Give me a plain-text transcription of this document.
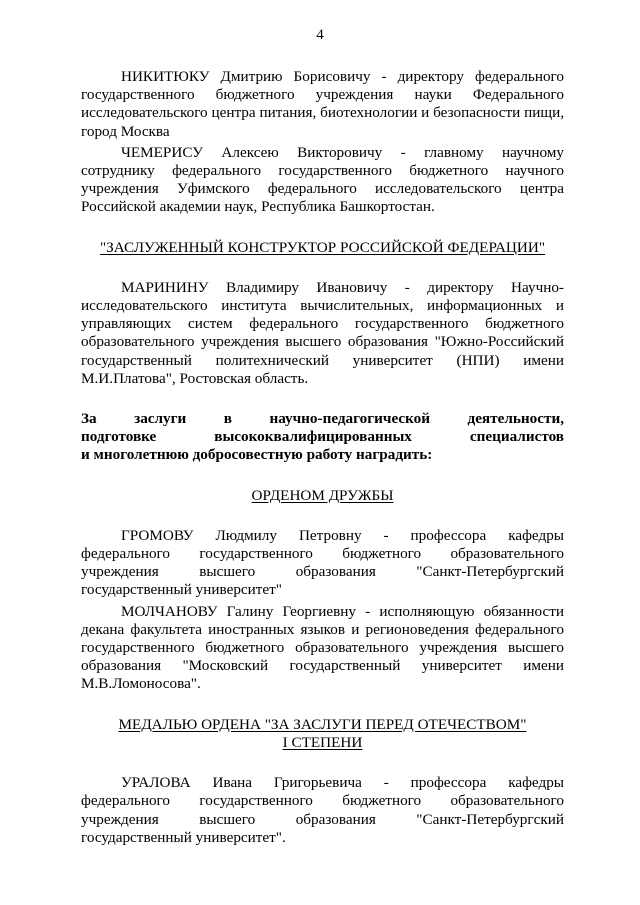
4

НИКИТЮКУ Дмитрию Борисовичу - директору федерального государственного бюджетного учреждения науки Федерального исследовательского центра питания, биотехнологии и безопасности пищи, город Москва

ЧЕМЕРИСУ Алексею Викторовичу - главному научному сотруднику федерального государственного бюджетного научного учреждения Уфимского федерального исследовательского центра Российской академии наук, Республика Башкортостан.

"ЗАСЛУЖЕННЫЙ КОНСТРУКТОР РОССИЙСКОЙ ФЕДЕРАЦИИ"

МАРИНИНУ Владимиру Ивановичу - директору Научно-исследовательского института вычислительных, информационных и управляющих систем федерального государственного бюджетного образовательного учреждения высшего образования "Южно-Российский государственный политехнический университет (НПИ) имени М.И.Платова", Ростовская область.

За заслуги в научно-педагогической деятельности,
подготовке высококвалифицированных специалистов
и многолетнюю добросовестную работу наградить:

ОРДЕНОМ ДРУЖБЫ

ГРОМОВУ Людмилу Петровну - профессора кафедры федерального государственного бюджетного образовательного учреждения высшего образования "Санкт-Петербургский государственный университет"

МОЛЧАНОВУ Галину Георгиевну - исполняющую обязанности декана факультета иностранных языков и регионоведения федерального государственного бюджетного образовательного учреждения высшего образования "Московский государственный университет имени М.В.Ломоносова".

МЕДАЛЬЮ ОРДЕНА "ЗА ЗАСЛУГИ ПЕРЕД ОТЕЧЕСТВОМ"
I СТЕПЕНИ

УРАЛОВА Ивана Григорьевича - профессора кафедры федерального государственного бюджетного образовательного учреждения высшего образования "Санкт-Петербургский государственный университет".
